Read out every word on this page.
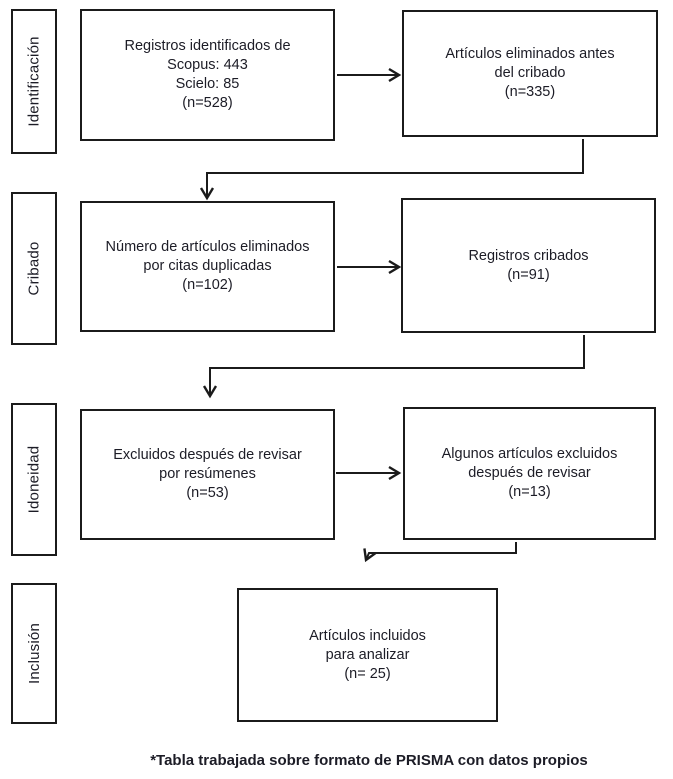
Identificación
Cribado
Idoneidad
Inclusión
Registros identificados de
Scopus: 443
Scielo: 85
(n=528)
Artículos eliminados antes
del cribado
(n=335)
Número de artículos eliminados
por citas duplicadas
(n=102)
Registros cribados
(n=91)
Excluidos después de revisar
por resúmenes
(n=53)
Algunos artículos excluidos
después de revisar
(n=13)
Artículos incluidos
para analizar
(n= 25)
*Tabla trabajada sobre formato de PRISMA con datos propios
